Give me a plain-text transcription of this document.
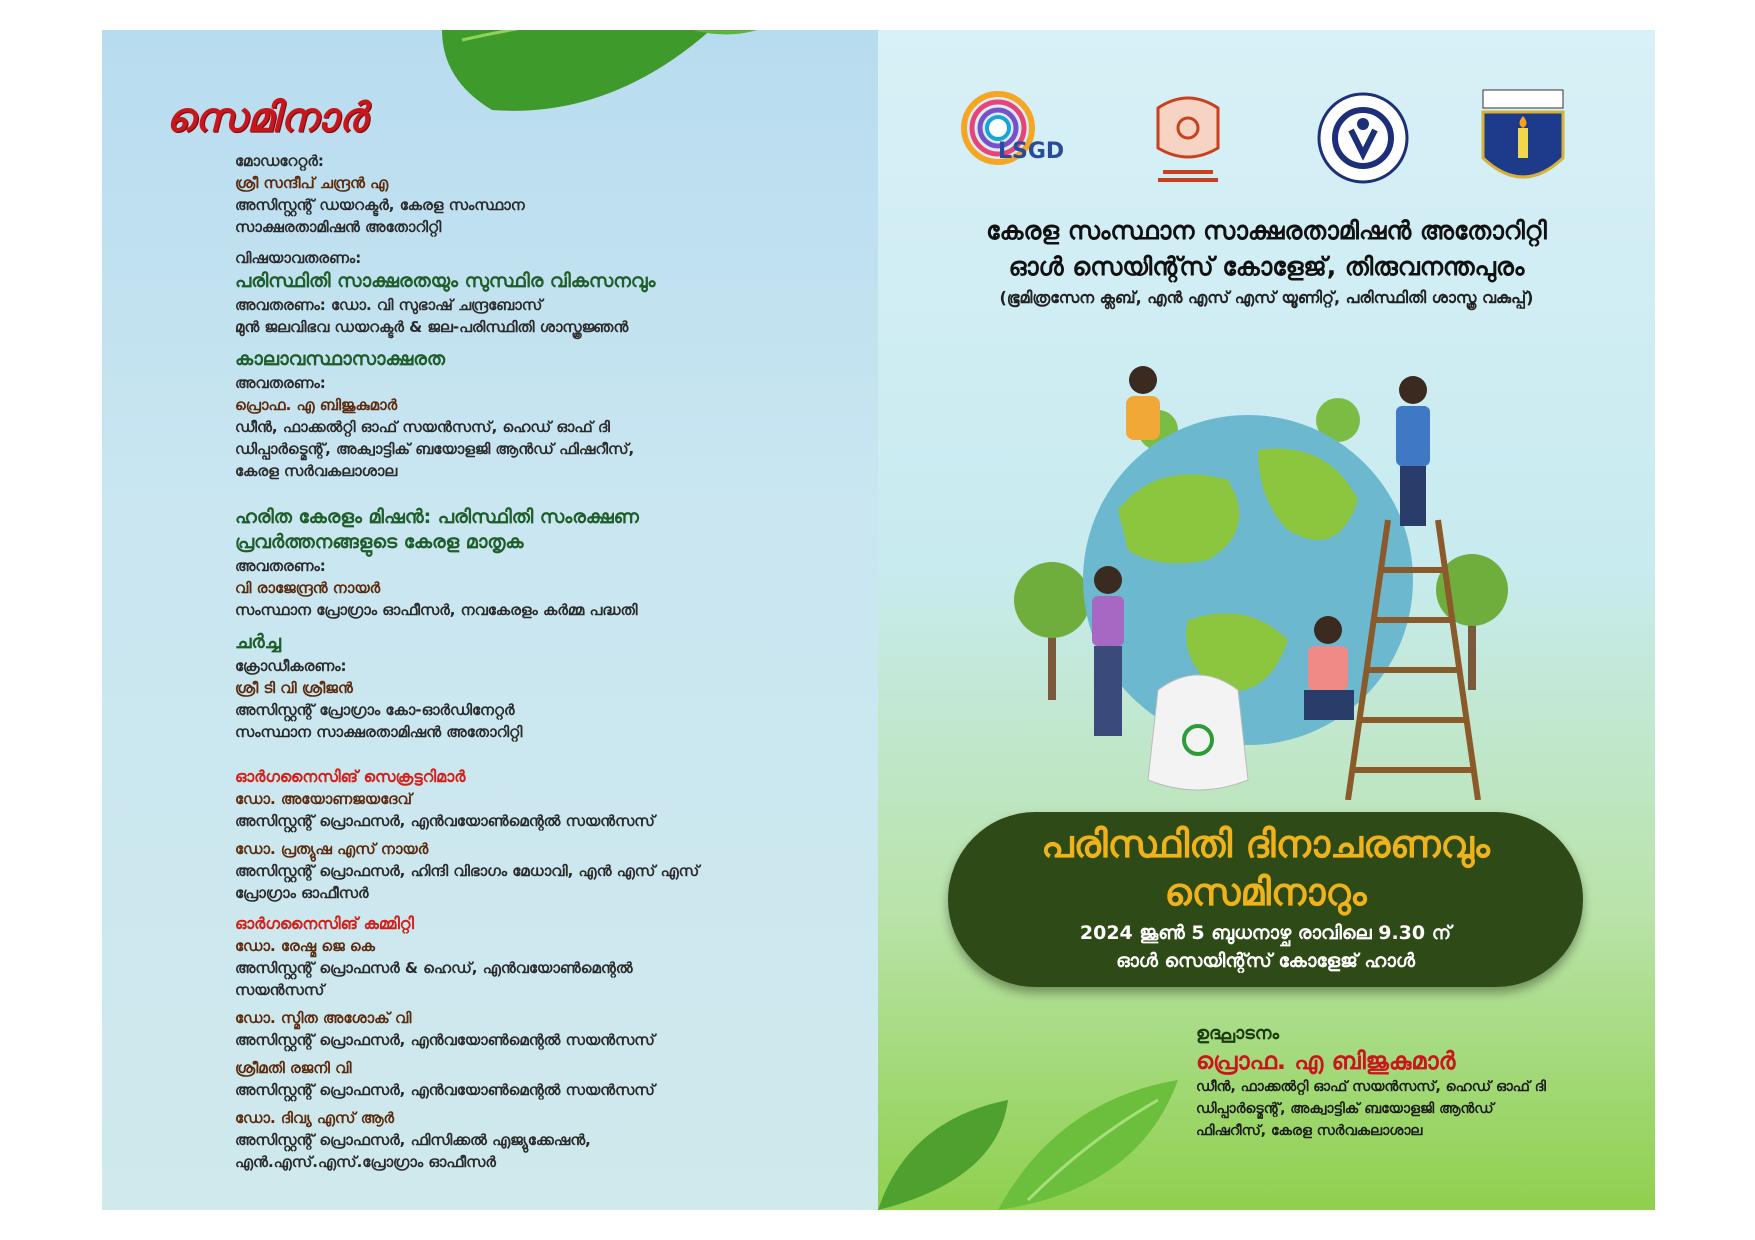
സെമിനാർ
മോഡറേറ്റർ:
ശ്രീ സന്ദീപ് ചന്ദ്രൻ എ
അസിസ്റ്റന്റ് ഡയറക്ടർ, കേരള സംസ്ഥാന
സാക്ഷരതാമിഷൻ അതോറിറ്റി
വിഷയാവതരണം:
പരിസ്ഥിതി സാക്ഷരതയും സുസ്ഥിര വികസനവും
അവതരണം: ഡോ. വി സുഭാഷ് ചന്ദ്രബോസ്
മുൻ ജലവിഭവ ഡയറക്ടർ & ജല-പരിസ്ഥിതി ശാസ്ത്രജ്ഞൻ
കാലാവസ്ഥാസാക്ഷരത
അവതരണം:
പ്രൊഫ. എ ബിജുകുമാർ
ഡീൻ, ഫാക്കൽറ്റി ഓഫ് സയൻസസ്, ഹെഡ് ഓഫ് ദി
ഡിപ്പാർട്മെന്റ്, അക്വാട്ടിക് ബയോളജി ആൻഡ് ഫിഷറീസ്,
കേരള സർവകലാശാല
ഹരിത കേരളം മിഷൻ: പരിസ്ഥിതി സംരക്ഷണ
പ്രവർത്തനങ്ങളുടെ കേരള മാതൃക
അവതരണം:
വി രാജേന്ദ്രൻ നായർ
സംസ്ഥാന പ്രോഗ്രാം ഓഫീസർ, നവകേരളം കർമ്മ പദ്ധതി
ചർച്ച
ക്രോഡീകരണം:
ശ്രീ ടി വി ശ്രീജൻ
അസിസ്റ്റന്റ് പ്രോഗ്രാം കോ-ഓർഡിനേറ്റർ
സംസ്ഥാന സാക്ഷരതാമിഷൻ അതോറിറ്റി
ഓർഗനൈസിങ് സെക്രട്ടറിമാർ
ഡോ. അയോണജയദേവ്
അസിസ്റ്റന്റ് പ്രൊഫസർ, എൻവയോൺമെന്റൽ സയൻസസ്
ഡോ. പ്രത്യുഷ എസ് നായർ
അസിസ്റ്റന്റ് പ്രൊഫസർ, ഹിന്ദി വിഭാഗം മേധാവി, എൻ എസ് എസ്
പ്രോഗ്രാം ഓഫീസർ
ഓർഗനൈസിങ് കമ്മിറ്റി
ഡോ. രേഷ്മ ജെ കെ
അസിസ്റ്റന്റ് പ്രൊഫസർ & ഹെഡ്, എൻവയോൺമെന്റൽ
സയൻസസ്
ഡോ. സ്മിത അശോക് വി
അസിസ്റ്റന്റ് പ്രൊഫസർ, എൻവയോൺമെന്റൽ സയൻസസ്
ശ്രീമതി രജനി വി
അസിസ്റ്റന്റ് പ്രൊഫസർ, എൻവയോൺമെന്റൽ സയൻസസ്
ഡോ. ദിവ്യ എസ് ആർ
അസിസ്റ്റന്റ് പ്രൊഫസർ, ഫിസിക്കൽ എജ്യുക്കേഷൻ,
എൻ.എസ്.എസ്.പ്രോഗ്രാം ഓഫീസർ
LSGD
കേരള സംസ്ഥാന സാക്ഷരതാമിഷൻ അതോറിറ്റി
ഓൾ സെയിന്റ്സ് കോളേജ്, തിരുവനന്തപുരം
(ഭൂമിത്രസേന ക്ലബ്, എൻ എസ് എസ് യൂണിറ്റ്, പരിസ്ഥിതി ശാസ്ത്ര വകുപ്പ്)
പരിസ്ഥിതി ദിനാചരണവും
സെമിനാറും
2024 ജൂൺ 5 ബുധനാഴ്ച രാവിലെ 9.30 ന്
ഓൾ സെയിന്റ്സ് കോളേജ് ഹാൾ
ഉദ്ഘാടനം
പ്രൊഫ. എ ബിജുകുമാർ
ഡീൻ, ഫാക്കൽറ്റി ഓഫ് സയൻസസ്, ഹെഡ് ഓഫ് ദി
ഡിപ്പാർട്മെന്റ്, അക്വാട്ടിക് ബയോളജി ആൻഡ്
ഫിഷറീസ്, കേരള സർവകലാശാല
